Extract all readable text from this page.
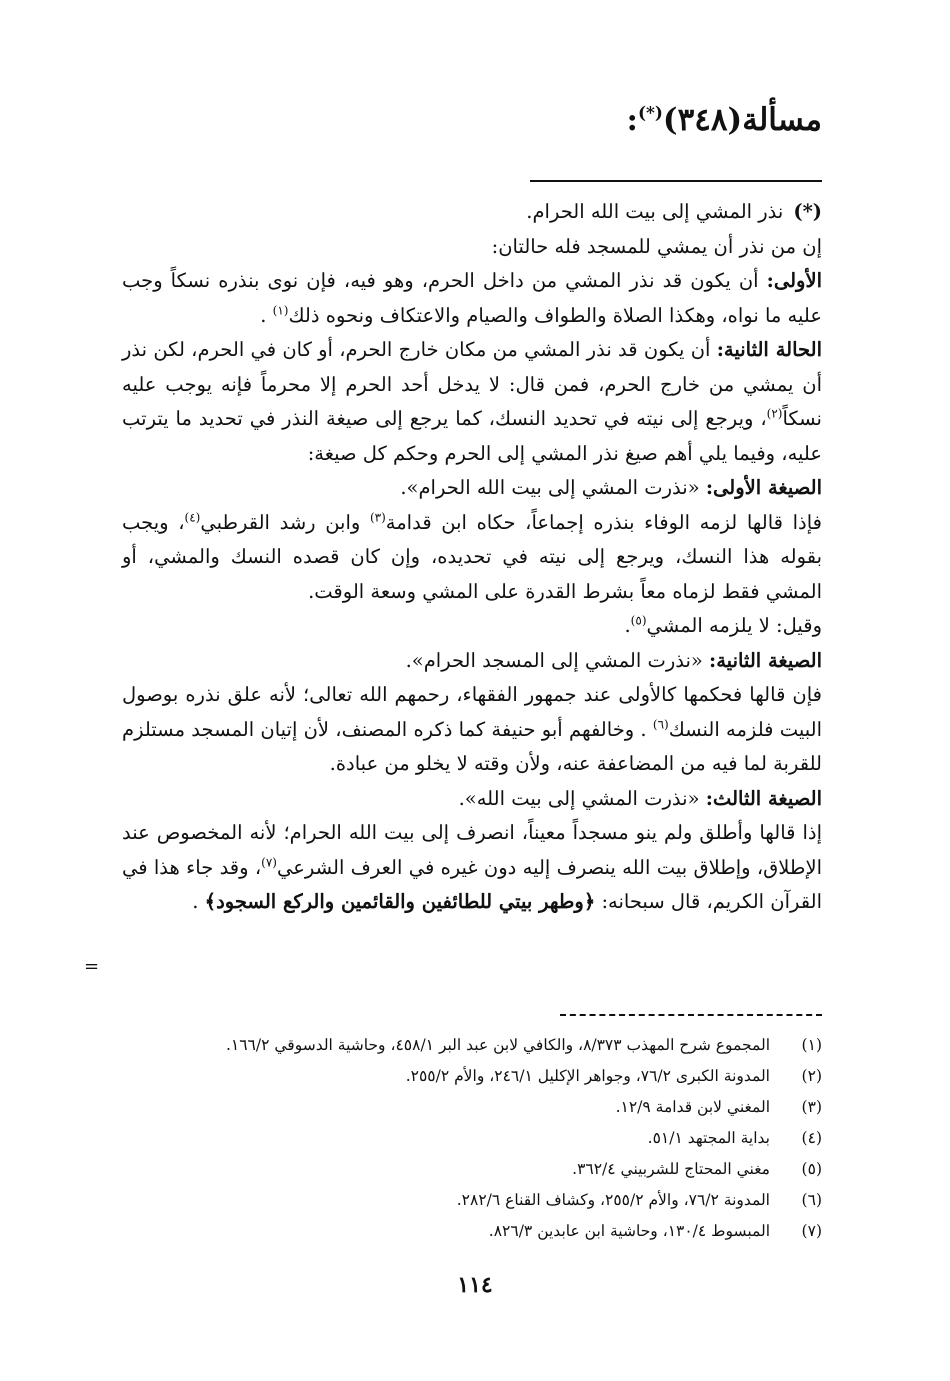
مسألة(٣٤٨)(*):

(*)نذر المشي إلى بيت الله الحرام.

إن من نذر أن يمشي للمسجد فله حالتان:

الأولى: أن يكون قد نذر المشي من داخل الحرم، وهو فيه، فإن نوى بنذره نسكاً وجب عليه ما نواه، وهكذا الصلاة والطواف والصيام والاعتكاف ونحوه ذلك$^{(١)}$ .

الحالة الثانية: أن يكون قد نذر المشي من مكان خارج الحرم، أو كان في الحرم، لكن نذر أن يمشي من خارج الحرم، فمن قال: لا يدخل أحد الحرم إلا محرماً فإنه يوجب عليه نسكاً$^{(٢)}$، ويرجع إلى نيته في تحديد النسك، كما يرجع إلى صيغة النذر في تحديد ما يترتب عليه، وفيما يلي أهم صيغ نذر المشي إلى الحرم وحكم كل صيغة:

الصيغة الأولى: «نذرت المشي إلى بيت الله الحرام».

فإذا قالها لزمه الوفاء بنذره إجماعاً، حكاه ابن قدامة$^{(٣)}$ وابن رشد القرطبي$^{(٤)}$، ويجب بقوله هذا النسك، ويرجع إلى نيته في تحديده، وإن كان قصده النسك والمشي، أو المشي فقط لزماه معاً بشرط القدرة على المشي وسعة الوقت.

وقيل: لا يلزمه المشي$^{(٥)}$.

الصيغة الثانية: «نذرت المشي إلى المسجد الحرام».

فإن قالها فحكمها كالأولى عند جمهور الفقهاء، رحمهم الله تعالى؛ لأنه علق نذره بوصول البيت فلزمه النسك$^{(٦)}$ . وخالفهم أبو حنيفة كما ذكره المصنف، لأن إتيان المسجد مستلزم للقربة لما فيه من المضاعفة عنه، ولأن وقته لا يخلو من عبادة.

الصيغة الثالث: «نذرت المشي إلى بيت الله».

إذا قالها وأطلق ولم ينو مسجداً معيناً، انصرف إلى بيت الله الحرام؛ لأنه المخصوص عند الإطلاق، وإطلاق بيت الله ينصرف إليه دون غيره في العرف الشرعي$^{(٧)}$، وقد جاء هذا في القرآن الكريم، قال سبحانه: ﴿وطهر بيتي للطائفين والقائمين والركع السجود﴾ .

=
(١)
المجموع شرح المهذب ٨/٣٧٣، والكافي لابن عبد البر ٤٥٨/١، وحاشية الدسوقي ١٦٦/٢.
(٢)
المدونة الكبرى ٧٦/٢، وجواهر الإكليل ٢٤٦/١، والأم ٢٥٥/٢.
(٣)
المغني لابن قدامة ١٢/٩.
(٤)
بداية المجتهد ٥١/١.
(٥)
مغني المحتاج للشربيني ٣٦٢/٤.
(٦)
المدونة ٧٦/٢، والأم ٢٥٥/٢، وكشاف القناع ٢٨٢/٦.
(٧)
المبسوط ١٣٠/٤، وحاشية ابن عابدين ٨٢٦/٣.
١١٤
